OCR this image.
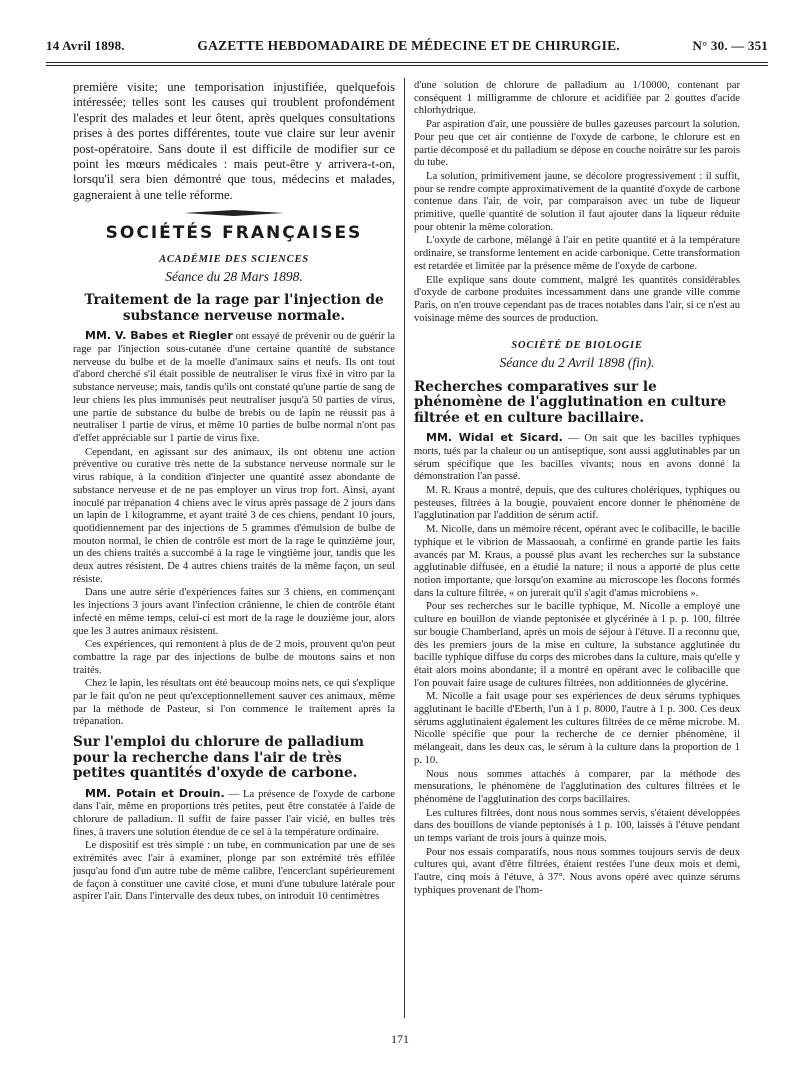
14 Avril 1898.	GAZETTE HEBDOMADAIRE DE MÉDECINE ET DE CHIRURGIE.	N° 30. — 351

première visite; une temporisation injustifiée, quelquefois intéressée; telles sont les causes qui troublent profondément l'esprit des malades et leur ôtent, après quelques consultations prises à des portes différentes, toute vue claire sur leur avenir post-opératoire. Sans doute il est difficile de modifier sur ce point les mœurs médicales : mais peut-être y arrivera-t-on, lorsqu'il sera bien démontré que tous, médecins et malades, gagneraient à une telle réforme.

SOCIÉTÉS FRANÇAISES
ACADÉMIE DES SCIENCES
Séance du 28 Mars 1898.
Traitement de la rage par l'injection de substance nerveuse normale.

MM. V. Babes et Riegler ont essayé de prévenir ou de guérir la rage par l'injection sous-cutanée d'une certaine quantité de substance nerveuse du bulbe et de la moelle d'animaux sains et neufs. Ils ont tout d'abord cherché s'il était possible de neutraliser le virus fixé in vitro par la substance nerveuse; mais, tandis qu'ils ont constaté qu'une partie de sang de leur chiens les plus immunisés peut neutraliser jusqu'à 50 parties de virus, une partie de substance du bulbe de brebis ou de lapin ne réussit pas à neutraliser 1 partie de virus, et même 10 parties de bulbe normal n'ont pas d'effet appréciable sur 1 partie de virus fixe.

Cependant, en agissant sur des animaux, ils ont obtenu une action préventive ou curative très nette de la substance nerveuse normale sur le virus rabique, à la condition d'injecter une quantité assez abondante de substance nerveuse et de ne pas employer un virus trop fort. Ainsi, ayant inoculé par trépanation 4 chiens avec le virus après passage de 2 jours dans un lapin de 1 kilogramme, et ayant traité 3 de ces chiens, pendant 10 jours, quotidiennement par des injections de 5 grammes d'émulsion de bulbe de mouton normal, le chien de contrôle est mort de la rage le quinzième jour, un des chiens traités a succombé à la rage le vingtième jour, tandis que les deux autres résistent. De 4 autres chiens traités de la même façon, un seul résiste.

Dans une autre série d'expériences faites sur 3 chiens, en commençant les injections 3 jours avant l'infection crânienne, le chien de contrôle étant infecté en même temps, celui-ci est mort de la rage le douzième jour, alors que les 3 autres animaux résistent.

Ces expériences, qui remontent à plus de de 2 mois, prouvent qu'on peut combattre la rage par des injections de bulbe de moutons sains et non traités.

Chez le lapin, les résultats ont été beaucoup moins nets, ce qui s'explique par le fait qu'on ne peut qu'exceptionnellement sauver ces animaux, même par la méthode de Pasteur, si l'on commence le traitement après la trépanation.

Sur l'emploi du chlorure de palladium pour la recherche dans l'air de très petites quantités d'oxyde de carbone.

MM. Potain et Drouin. — La présence de l'oxyde de carbone dans l'air, même en proportions très petites, peut être constatée à l'aide de chlorure de palladium. Il suffit de faire passer l'air vicié, en bulles très fines, à travers une solution étendue de ce sel à la température ordinaire.

Le dispositif est très simple : un tube, en communication par une de ses extrémités avec l'air à examiner, plonge par son extrémité très effilée jusqu'au fond d'un autre tube de même calibre, l'encerclant supérieurement de façon à constituer une cavité close, et muni d'une tubulure latérale pour aspirer l'air. Dans l'intervalle des deux tubes, on introduit 10 centimètres

d'une solution de chlorure de palladium au 1/10000, contenant par conséquent 1 milligramme de chlorure et acidifiée par 2 gouttes d'acide chlorhydrique.

Par aspiration d'air, une poussière de bulles gazeuses parcourt la solution. Pour peu que cet air contienne de l'oxyde de carbone, le chlorure est en partie décomposé et du palladium se dépose en couche noirâtre sur les parois du tube.

La solution, primitivement jaune, se décolore progressivement : il suffit, pour se rendre compte approximativement de la quantité d'oxyde de carbone contenue dans l'air, de voir, par comparaison avec un tube de liqueur primitive, quelle quantité de solution il faut ajouter dans la liqueur réduite pour obtenir la même coloration.

L'oxyde de carbone, mélangé à l'air en petite quantité et à la température ordinaire, se transforme lentement en acide carbonique. Cette transformation est retardée et limitée par la présence même de l'oxyde de carbone.

Elle explique sans doute comment, malgré les quantités considérables d'oxyde de carbone produites incessamment dans une grande ville comme Paris, on n'en trouve cependant pas de traces notables dans l'air, si ce n'est au voisinage même des sources de production.

SOCIÉTÉ DE BIOLOGIE
Séance du 2 Avril 1898 (fin).
Recherches comparatives sur le phénomène de l'agglutination en culture filtrée et en culture bacillaire.

MM. Widal et Sicard. — On sait que les bacilles typhiques morts, tués par la chaleur ou un antiseptique, sont aussi agglutinables par un sérum spécifique que les bacilles vivants; nous en avons donné la démonstration l'an passé.

M. R. Kraus a montré, depuis, que des cultures cholériques, typhiques ou pesteuses, filtrées à la bougie, pouvaient encore donner le phénomène de l'agglutination par l'addition de sérum actif.

M. Nicolle, dans un mémoire récent, opérant avec le colibacille, le bacille typhique et le vibrion de Massaouah, a confirmé en grande partie les faits avancés par M. Kraus, a poussé plus avant les recherches sur la substance agglutinable diffusée, en a étudié la nature; il nous a apporté de plus cette notion importante, que lorsqu'on examine au microscope les flocons formés dans la culture filtrée, « on jurerait qu'il s'agit d'amas microbiens ».

Pour ses recherches sur le bacille typhique, M. Nicolle a employé une culture en bouillon de viande peptonisée et glycérinée à 1 p. p. 100, filtrée sur bougie Chamberland, après un mois de séjour à l'étuve. Il a reconnu que, dès les premiers jours de la mise en culture, la substance agglutinée du bacille typhique diffuse du corps des microbes dans la culture, mais qu'elle y était alors moins abondante; il a montré en opérant avec le colibacille que l'on pouvait faire usage de cultures filtrées, non additionnées de glycérine.

M. Nicolle a fait usage pour ses expériences de deux sérums typhiques agglutinant le bacille d'Eberth, l'un à 1 p. 8000, l'autre à 1 p. 300. Ces deux sérums agglutinaient également les cultures filtrées de ce même microbe. M. Nicolle spécifie que pour la recherche de ce dernier phénomène, il mélangeait, dans les deux cas, le sérum à la culture dans la proportion de 1 p. 10.

Nous nous sommes attachés à comparer, par la méthode des mensurations, le phénomène de l'agglutination des cultures filtrées et le phénomène de l'agglutination des corps bacillaires.

Les cultures filtrées, dont nous nous sommes servis, s'étaient développées dans des bouillons de viande peptonisés à 1 p. 100, laissés à l'étuve pendant un temps variant de trois jours à quinze mois.

Pour nos essais comparatifs, nous nous sommes toujours servis de deux cultures qui, avant d'être filtrées, étaient restées l'une deux mois et demi, l'autre, cinq mois à l'étuve, à 37°. Nous avons opéré avec quinze sérums typhiques provenant de l'hom-

171
